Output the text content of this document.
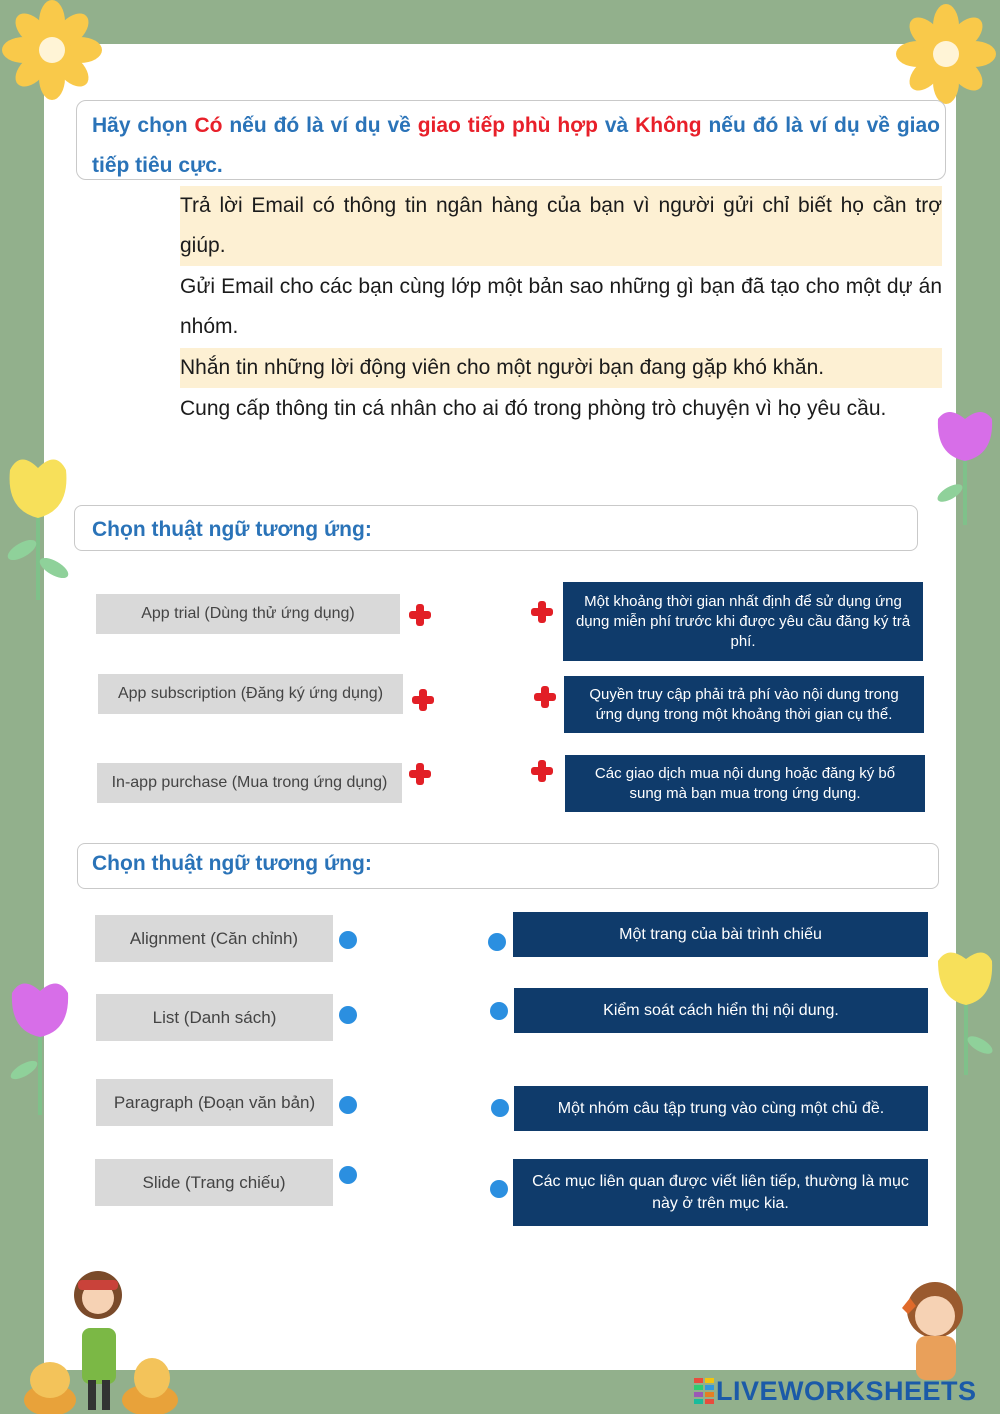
Hãy chọn Có nếu đó là ví dụ về giao tiếp phù hợp và Không nếu đó là ví dụ về giao tiếp tiêu cực.
Trả lời Email có thông tin ngân hàng của bạn vì người gửi chỉ biết họ cần trợ giúp.
Gửi Email cho các bạn cùng lớp một bản sao những gì bạn đã tạo cho một dự án nhóm.
Nhắn tin những lời động viên cho một người bạn đang gặp khó khăn.
Cung cấp thông tin cá nhân cho ai đó trong phòng trò chuyện vì họ yêu cầu.
Chọn thuật ngữ tương ứng:
App trial (Dùng thử ứng dụng)
App subscription (Đăng ký ứng dụng)
In-app purchase (Mua trong ứng dụng)
Một khoảng thời gian nhất định để sử dụng ứng dụng miễn phí trước khi được yêu cầu đăng ký trả phí.
Quyền truy cập phải trả phí vào nội dung trong ứng dụng trong một khoảng thời gian cụ thể.
Các giao dịch mua nội dung hoặc đăng ký bổ sung mà bạn mua trong ứng dụng.
Chọn thuật ngữ tương ứng:
Alignment (Căn chỉnh)
List (Danh sách)
Paragraph (Đoạn văn bản)
Slide (Trang chiếu)
Một trang của bài trình chiếu
Kiểm soát cách hiển thị nội dung.
Một nhóm câu tập trung vào cùng một chủ đề.
Các mục liên quan được viết liên tiếp, thường là mục này ở trên mục kia.
LIVEWORKSHEETS
